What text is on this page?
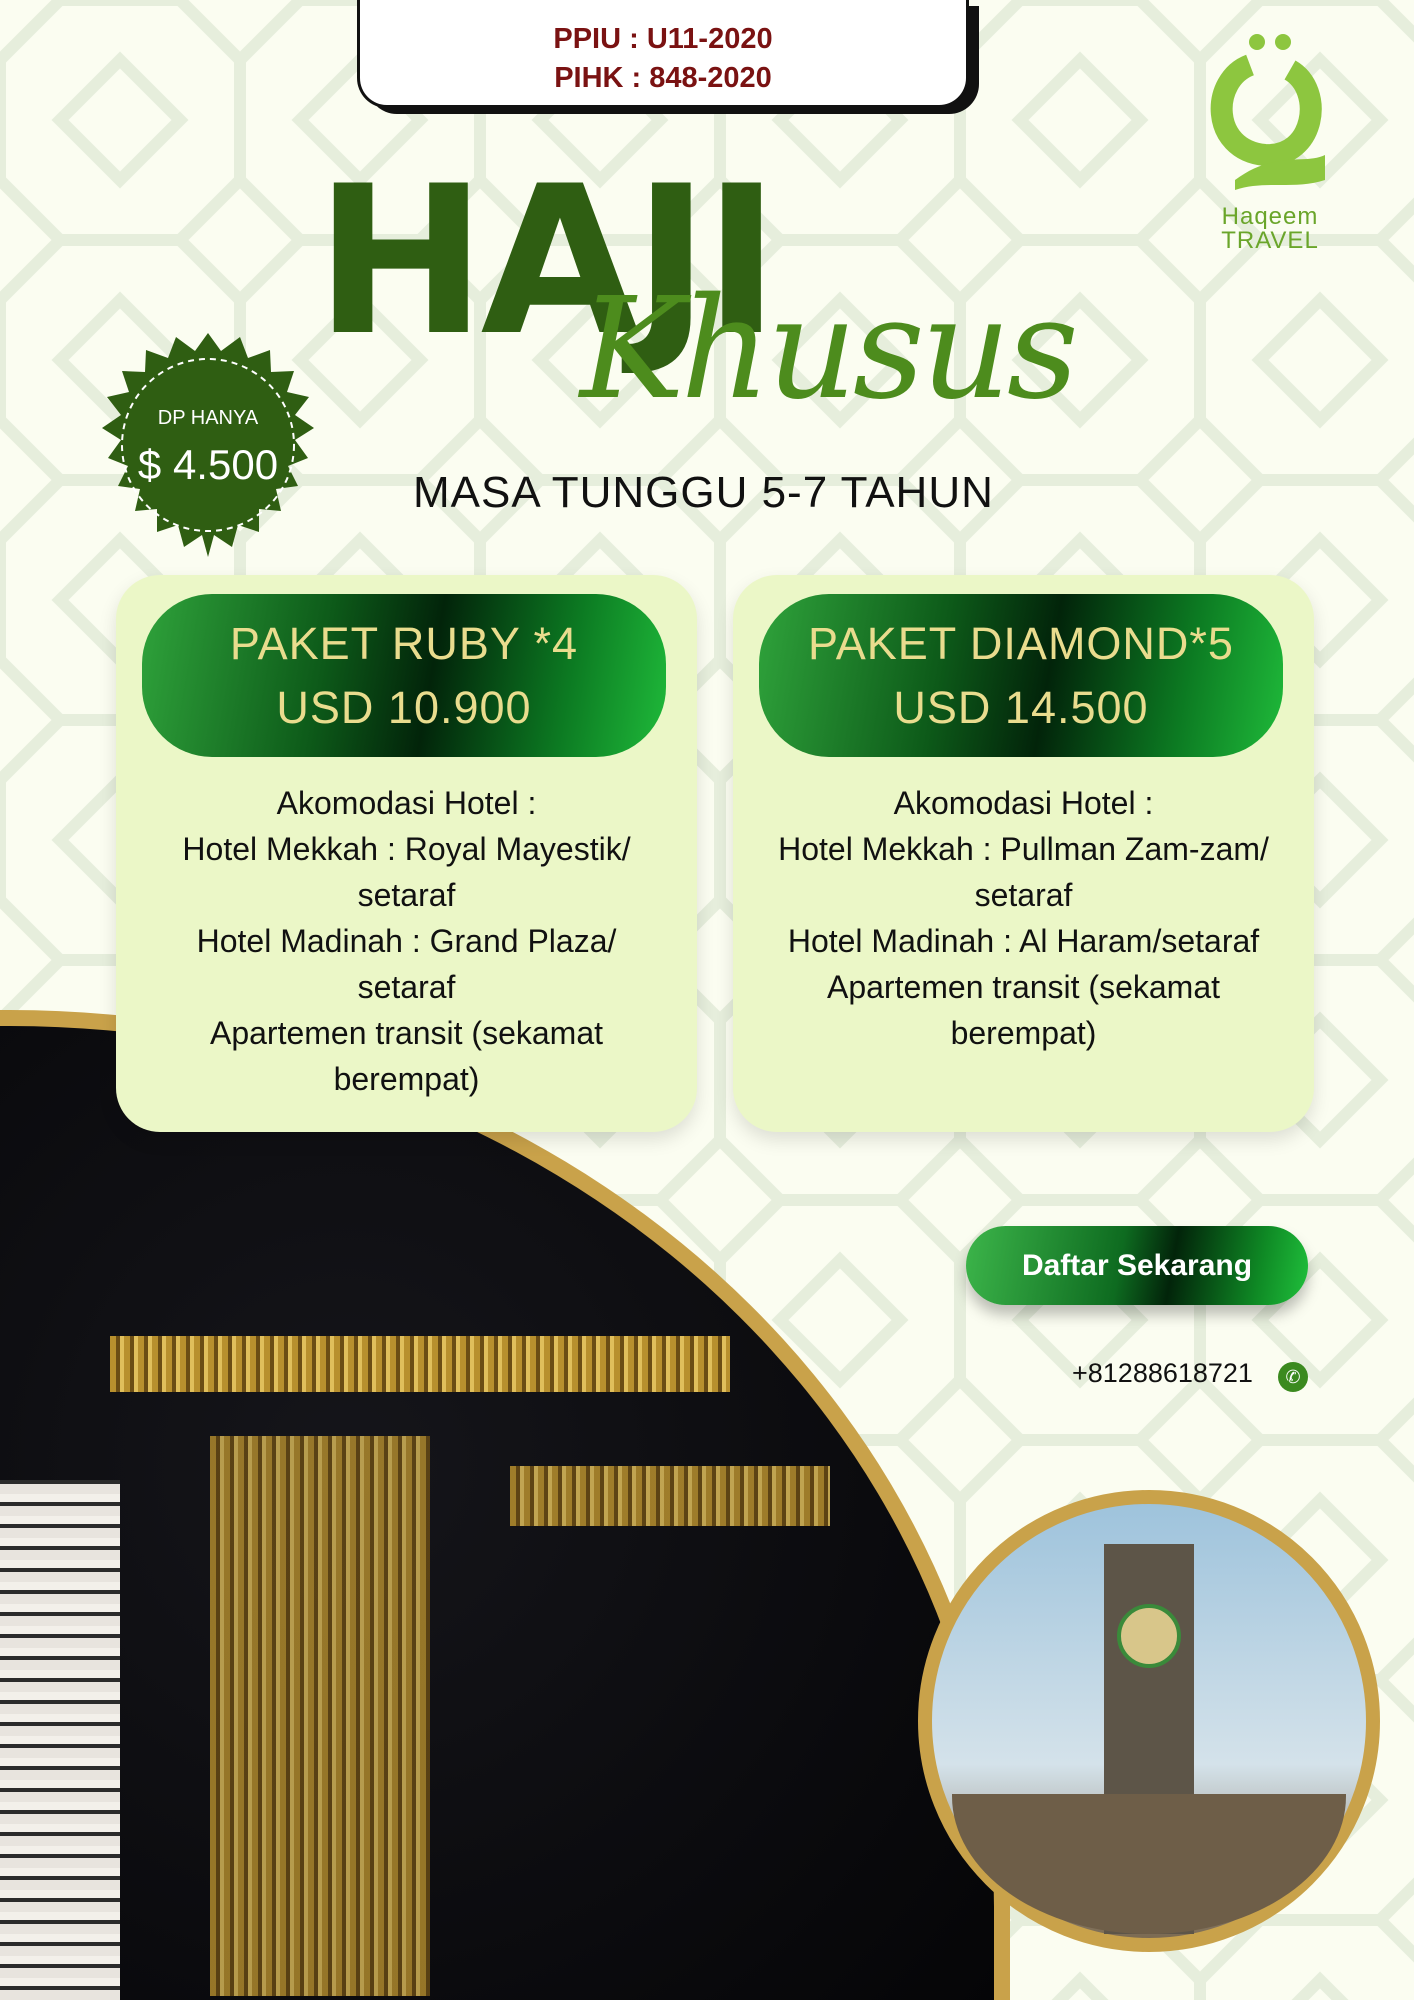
PPIU : U11-2020
PIHK : 848-2020
Haqeem
TRAVEL
HAJI
Khusus
DP HANYA
$ 4.500
MASA TUNGGU 5-7 TAHUN
PAKET RUBY *4
USD 10.900
Akomodasi Hotel :
Hotel Mekkah : Royal Mayestik/
setaraf
Hotel Madinah : Grand Plaza/
setaraf
Apartemen transit (sekamat
berempat)
PAKET DIAMOND*5
USD 14.500
Akomodasi Hotel :
Hotel Mekkah : Pullman Zam-zam/
setaraf
Hotel Madinah : Al Haram/setaraf
Apartemen transit (sekamat
berempat)
Daftar Sekarang
+81288618721	✆
